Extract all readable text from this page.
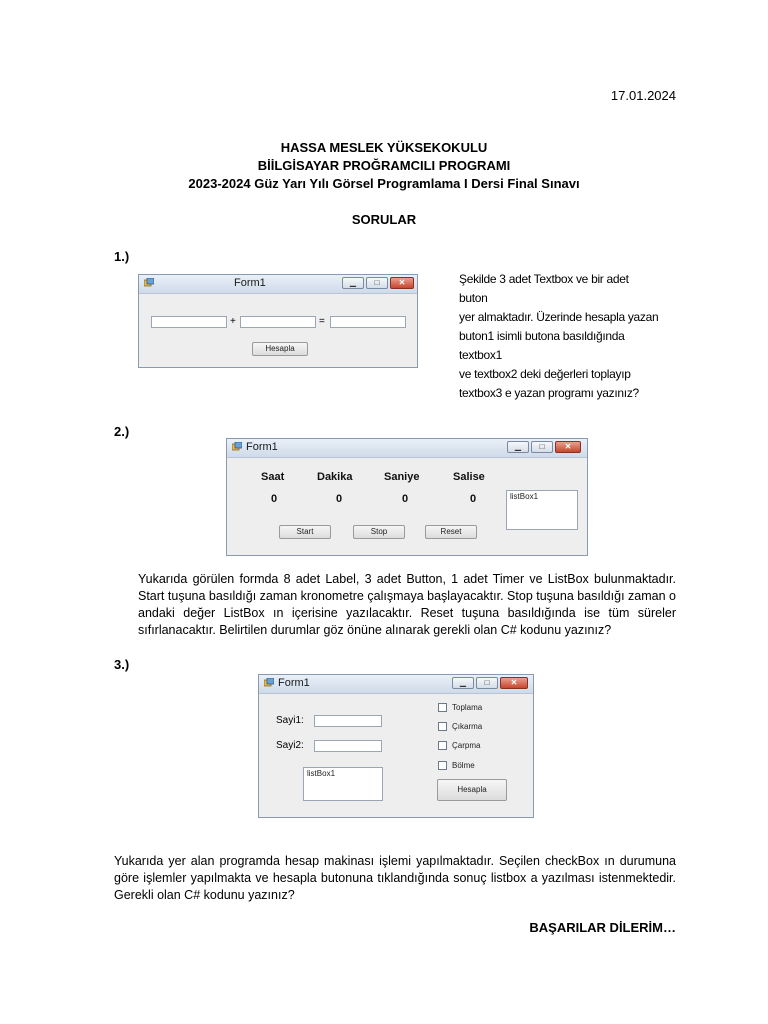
17.01.2024
HASSA MESLEK YÜKSEKOKULU
BİİLGİSAYAR PROĞRAMCILI PROGRAMI
2023-2024 Güz Yarı Yılı Görsel Programlama I Dersi Final Sınavı
SORULAR
1.)
Form1	▁	□	✕
+	=
Hesapla
Şekilde 3 adet Textbox ve bir adet buton
yer almaktadır. Üzerinde hesapla yazan
buton1 isimli butona basıldığında textbox1
ve textbox2 deki değerleri toplayıp
textbox3 e yazan programı yazınız?
2.)
Form1	▁	□	✕
Saat	Dakika	Saniye	Salise
0	0	0	0	listBox1
Start	Stop	Reset
Yukarıda görülen formda 8 adet Label, 3 adet Button, 1 adet Timer ve ListBox bulunmaktadır. Start tuşuna basıldığı zaman kronometre çalışmaya başlayacaktır. Stop tuşuna basıldığı zaman o andaki değer ListBox ın içerisine yazılacaktır. Reset tuşuna basıldığında ise tüm süreler sıfırlanacaktır. Belirtilen durumlar göz önüne alınarak gerekli olan C# kodunu yazınız?
3.)
Form1	▁	□	✕
Sayi1:
Sayi2:
listBox1
Toplama
Çıkarma
Çarpma
Bölme
Hesapla
Yukarıda yer alan programda hesap makinası işlemi yapılmaktadır. Seçilen checkBox ın durumuna göre işlemler yapılmakta ve hesapla butonuna tıklandığında sonuç listbox a yazılması istenmektedir. Gerekli olan C# kodunu yazınız?
BAŞARILAR DİLERİM…
